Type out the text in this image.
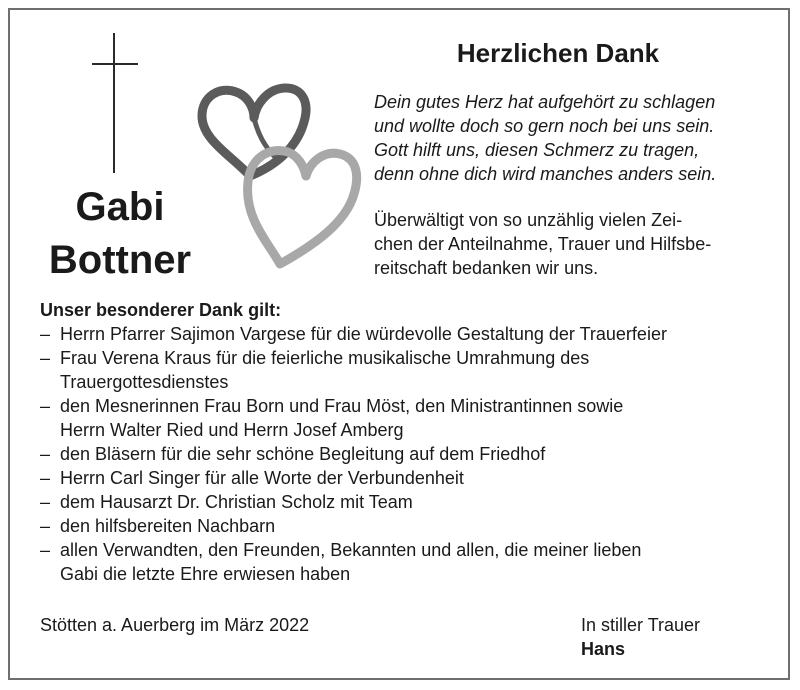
Gabi
Bottner
Herzlichen Dank
Dein gutes Herz hat aufgehört zu schlagen
und wollte doch so gern noch bei uns sein.
Gott hilft uns, diesen Schmerz zu tragen,
denn ohne dich wird manches anders sein.
Überwältigt von so unzählig vielen Zei-
chen der Anteilnahme, Trauer und Hilfsbe-
reitschaft bedanken wir uns.

Unser besonderer Dank gilt:

– Herrn Pfarrer Sajimon Vargese für die würdevolle Gestaltung der Trauerfeier
– Frau Verena Kraus für die feierliche musikalische Umrahmung des
Trauergottesdienstes
– den Mesnerinnen Frau Born und Frau Möst, den Ministrantinnen sowie
Herrn Walter Ried und Herrn Josef Amberg
– den Bläsern für die sehr schöne Begleitung auf dem Friedhof
– Herrn Carl Singer für alle Worte der Verbundenheit
– dem Hausarzt Dr. Christian Scholz mit Team
– den hilfsbereiten Nachbarn
– allen Verwandten, den Freunden, Bekannten und allen, die meiner lieben
Gabi die letzte Ehre erwiesen haben

Stötten a. Auerberg im März 2022	In stiller Trauer

Hans
